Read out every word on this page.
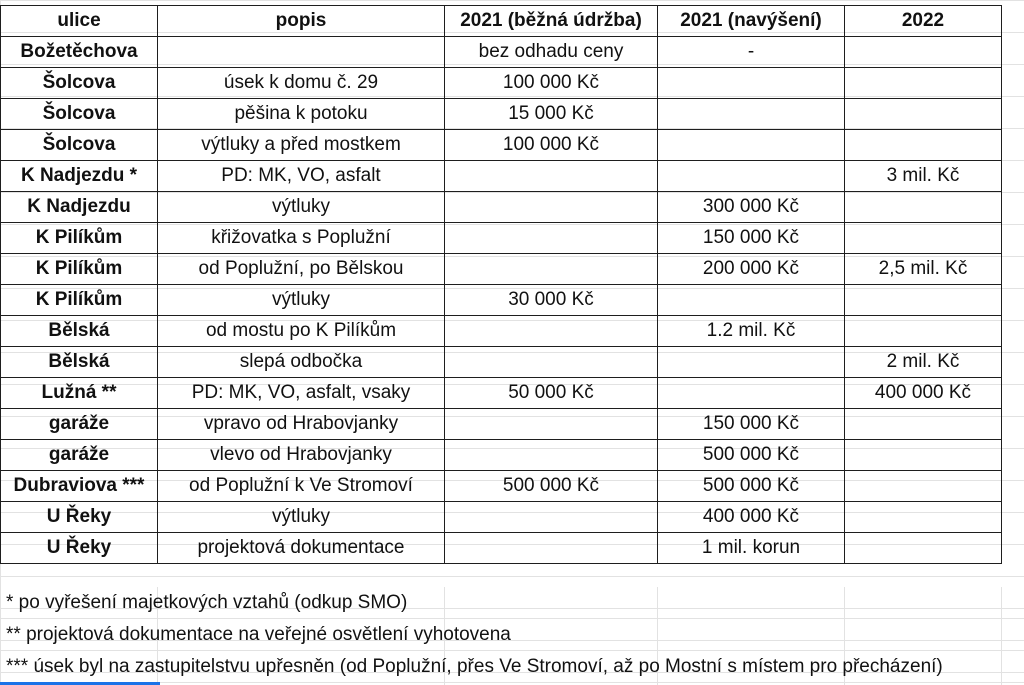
ulice	popis	2021 (běžná údržba)	2021 (navýšení)	2022
Božetěchova		bez odhadu ceny	-	
Šolcova	úsek k domu č. 29	100 000 Kč		
Šolcova	pěšina k potoku	15 000 Kč		
Šolcova	výtluky a před mostkem	100 000 Kč		
K Nadjezdu *	PD: MK, VO, asfalt			3 mil. Kč
K Nadjezdu	výtluky		300 000 Kč	
K Pilíkům	křižovatka s Poplužní		150 000 Kč	
K Pilíkům	od Poplužní, po Bělskou		200 000 Kč	2,5 mil. Kč
K Pilíkům	výtluky	30 000 Kč		
Bělská	od mostu po K Pilíkům		1.2 mil. Kč	
Bělská	slepá odbočka			2 mil. Kč
Lužná **	PD: MK, VO, asfalt, vsaky	50 000 Kč		400 000 Kč
garáže	vpravo od Hrabovjanky		150 000 Kč	
garáže	vlevo od Hrabovjanky		500 000 Kč	
Dubraviova ***	od Poplužní k Ve Stromoví	500 000 Kč	500 000 Kč	
U Řeky	výtluky		400 000 Kč	
U Řeky	projektová dokumentace		1 mil. korun	
* po vyřešení majetkových vztahů (odkup SMO)
** projektová dokumentace na veřejné osvětlení vyhotovena
*** úsek byl na zastupitelstvu upřesněn (od Poplužní, přes Ve Stromoví, až po Mostní s místem pro přecházení)
